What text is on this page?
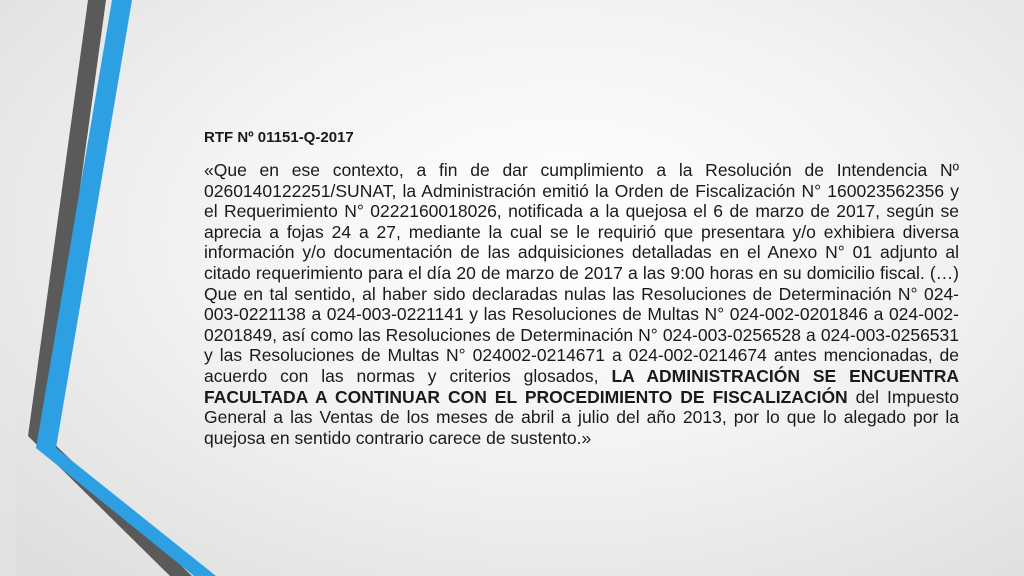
RTF Nº 01151-Q-2017

«Que en ese contexto, a fin de dar cumplimiento a la Resolución de Intendencia Nº 0260140122251/SUNAT, la Administración emitió la Orden de Fiscalización N° 160023562356 y el Requerimiento N° 0222160018026, notificada a la quejosa el 6 de marzo de 2017, según se aprecia a fojas 24 a 27, mediante la cual se le requirió que presentara y/o exhibiera diversa información y/o documentación de las adquisiciones detalladas en el Anexo N° 01 adjunto al citado requerimiento para el día 20 de marzo de 2017 a las 9:00 horas en su domicilio fiscal. (…) Que en tal sentido, al haber sido declaradas nulas las Resoluciones de Determinación N° 024-003-0221138 a 024-003-0221141 y las Resoluciones de Multas N° 024-002-0201846 a 024-002-0201849, así como las Resoluciones de Determinación N° 024-003-0256528 a 024-003-0256531 y las Resoluciones de Multas N° 024002-0214671 a 024-002-0214674 antes mencionadas, de acuerdo con las normas y criterios glosados, LA ADMINISTRACIÓN SE ENCUENTRA FACULTADA A CONTINUAR CON EL PROCEDIMIENTO DE FISCALIZACIÓN del Impuesto General a las Ventas de los meses de abril a julio del año 2013, por lo que lo alegado por la quejosa en sentido contrario carece de sustento.»
